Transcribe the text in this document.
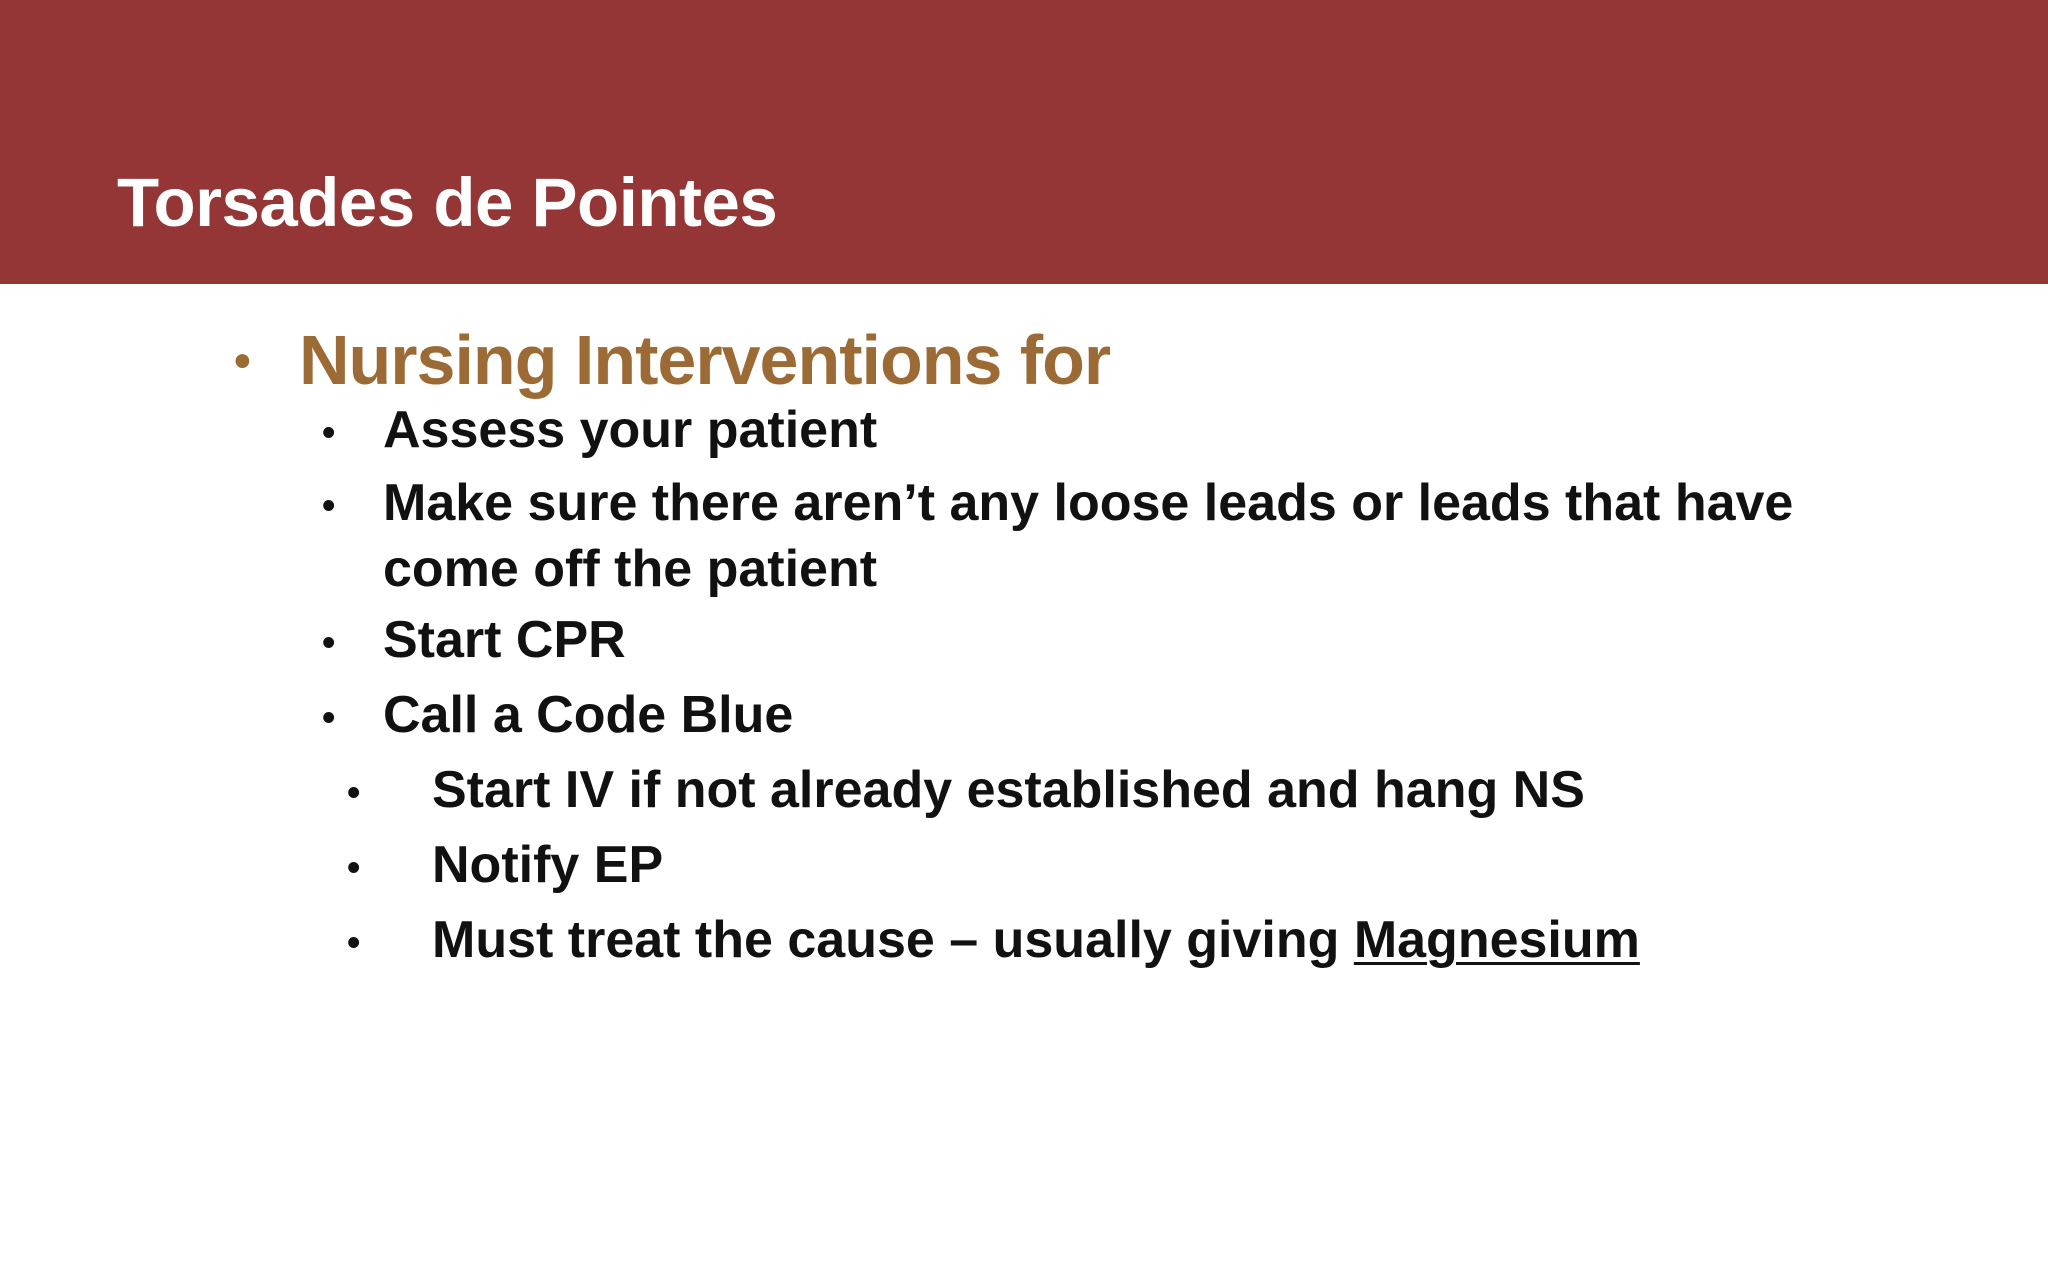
Torsades de Pointes
• Nursing Interventions for
• Assess your patient
• Make sure there aren’t any loose leads or leads that have
come off the patient
• Start CPR
• Call a Code Blue
• Start IV if not already established and hang NS
• Notify EP
• Must treat the cause – usually giving Magnesium
